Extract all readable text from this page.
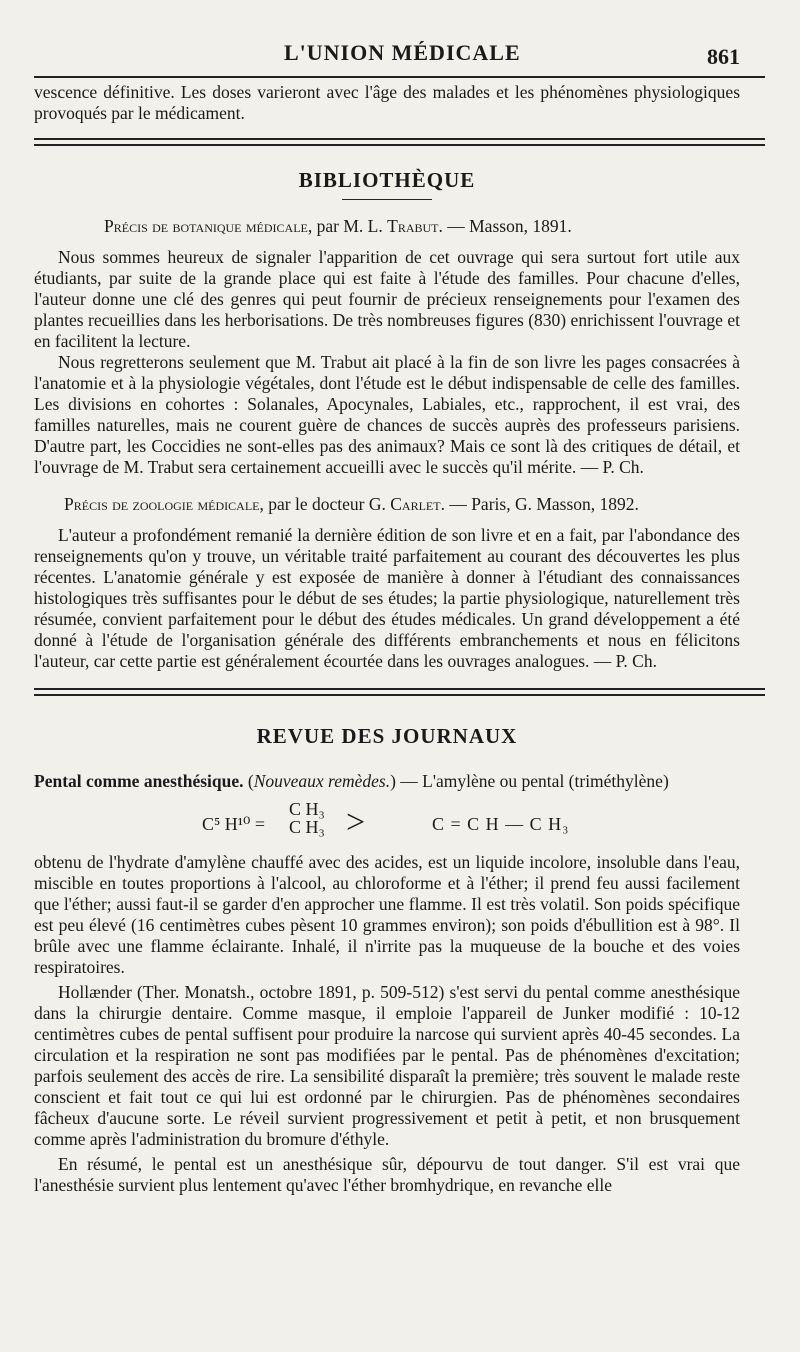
L'UNION MÉDICALE	861

vescence définitive. Les doses varieront avec l'âge des malades et les phénomènes physiologiques provoqués par le médicament.

BIBLIOTHÈQUE

Précis de botanique médicale, par M. L. Trabut. — Masson, 1891.

Nous sommes heureux de signaler l'apparition de cet ouvrage qui sera surtout fort utile aux étudiants, par suite de la grande place qui est faite à l'étude des familles. Pour chacune d'elles, l'auteur donne une clé des genres qui peut fournir de précieux renseignements pour l'examen des plantes recueillies dans les herborisations. De très nombreuses figures (830) enrichissent l'ouvrage et en facilitent la lecture.

Nous regretterons seulement que M. Trabut ait placé à la fin de son livre les pages consacrées à l'anatomie et à la physiologie végétales, dont l'étude est le début indispensable de celle des familles. Les divisions en cohortes : Solanales, Apocynales, Labiales, etc., rapprochent, il est vrai, des familles naturelles, mais ne courent guère de chances de succès auprès des professeurs parisiens. D'autre part, les Coccidies ne sont-elles pas des animaux? Mais ce sont là des critiques de détail, et l'ouvrage de M. Trabut sera certainement accueilli avec le succès qu'il mérite. — P. Ch.

Précis de zoologie médicale, par le docteur G. Carlet. — Paris, G. Masson, 1892.

L'auteur a profondément remanié la dernière édition de son livre et en a fait, par l'abondance des renseignements qu'on y trouve, un véritable traité parfaitement au courant des découvertes les plus récentes. L'anatomie générale y est exposée de manière à donner à l'étudiant des connaissances histologiques très suffisantes pour le début de ses études; la partie physiologique, naturellement très résumée, convient parfaitement pour le début des études médicales. Un grand développement a été donné à l'étude de l'organisation générale des différents embranchements et nous en félicitons l'auteur, car cette partie est généralement écourtée dans les ouvrages analogues. — P. Ch.

REVUE DES JOURNAUX

Pental comme anesthésique. (Nouveaux remèdes.) — L'amylène ou pental (triméthylène)

C⁵ H¹⁰ =
C H₃
C H₃ >	C = C H — C H₃

obtenu de l'hydrate d'amylène chauffé avec des acides, est un liquide incolore, insoluble dans l'eau, miscible en toutes proportions à l'alcool, au chloroforme et à l'éther; il prend feu aussi facilement que l'éther; aussi faut-il se garder d'en approcher une flamme. Il est très volatil. Son poids spécifique est peu élevé (16 centimètres cubes pèsent 10 grammes environ); son poids d'ébullition est à 98°. Il brûle avec une flamme éclairante. Inhalé, il n'irrite pas la muqueuse de la bouche et des voies respiratoires.

Hollænder (Ther. Monatsh., octobre 1891, p. 509-512) s'est servi du pental comme anesthésique dans la chirurgie dentaire. Comme masque, il emploie l'appareil de Junker modifié : 10-12 centimètres cubes de pental suffisent pour produire la narcose qui survient après 40-45 secondes. La circulation et la respiration ne sont pas modifiées par le pental. Pas de phénomènes d'excitation; parfois seulement des accès de rire. La sensibilité disparaît la première; très souvent le malade reste conscient et fait tout ce qui lui est ordonné par le chirurgien. Pas de phénomènes secondaires fâcheux d'aucune sorte. Le réveil survient progressivement et petit à petit, et non brusquement comme après l'administration du bromure d'éthyle.

En résumé, le pental est un anesthésique sûr, dépourvu de tout danger. S'il est vrai que l'anesthésie survient plus lentement qu'avec l'éther bromhydrique, en revanche elle
